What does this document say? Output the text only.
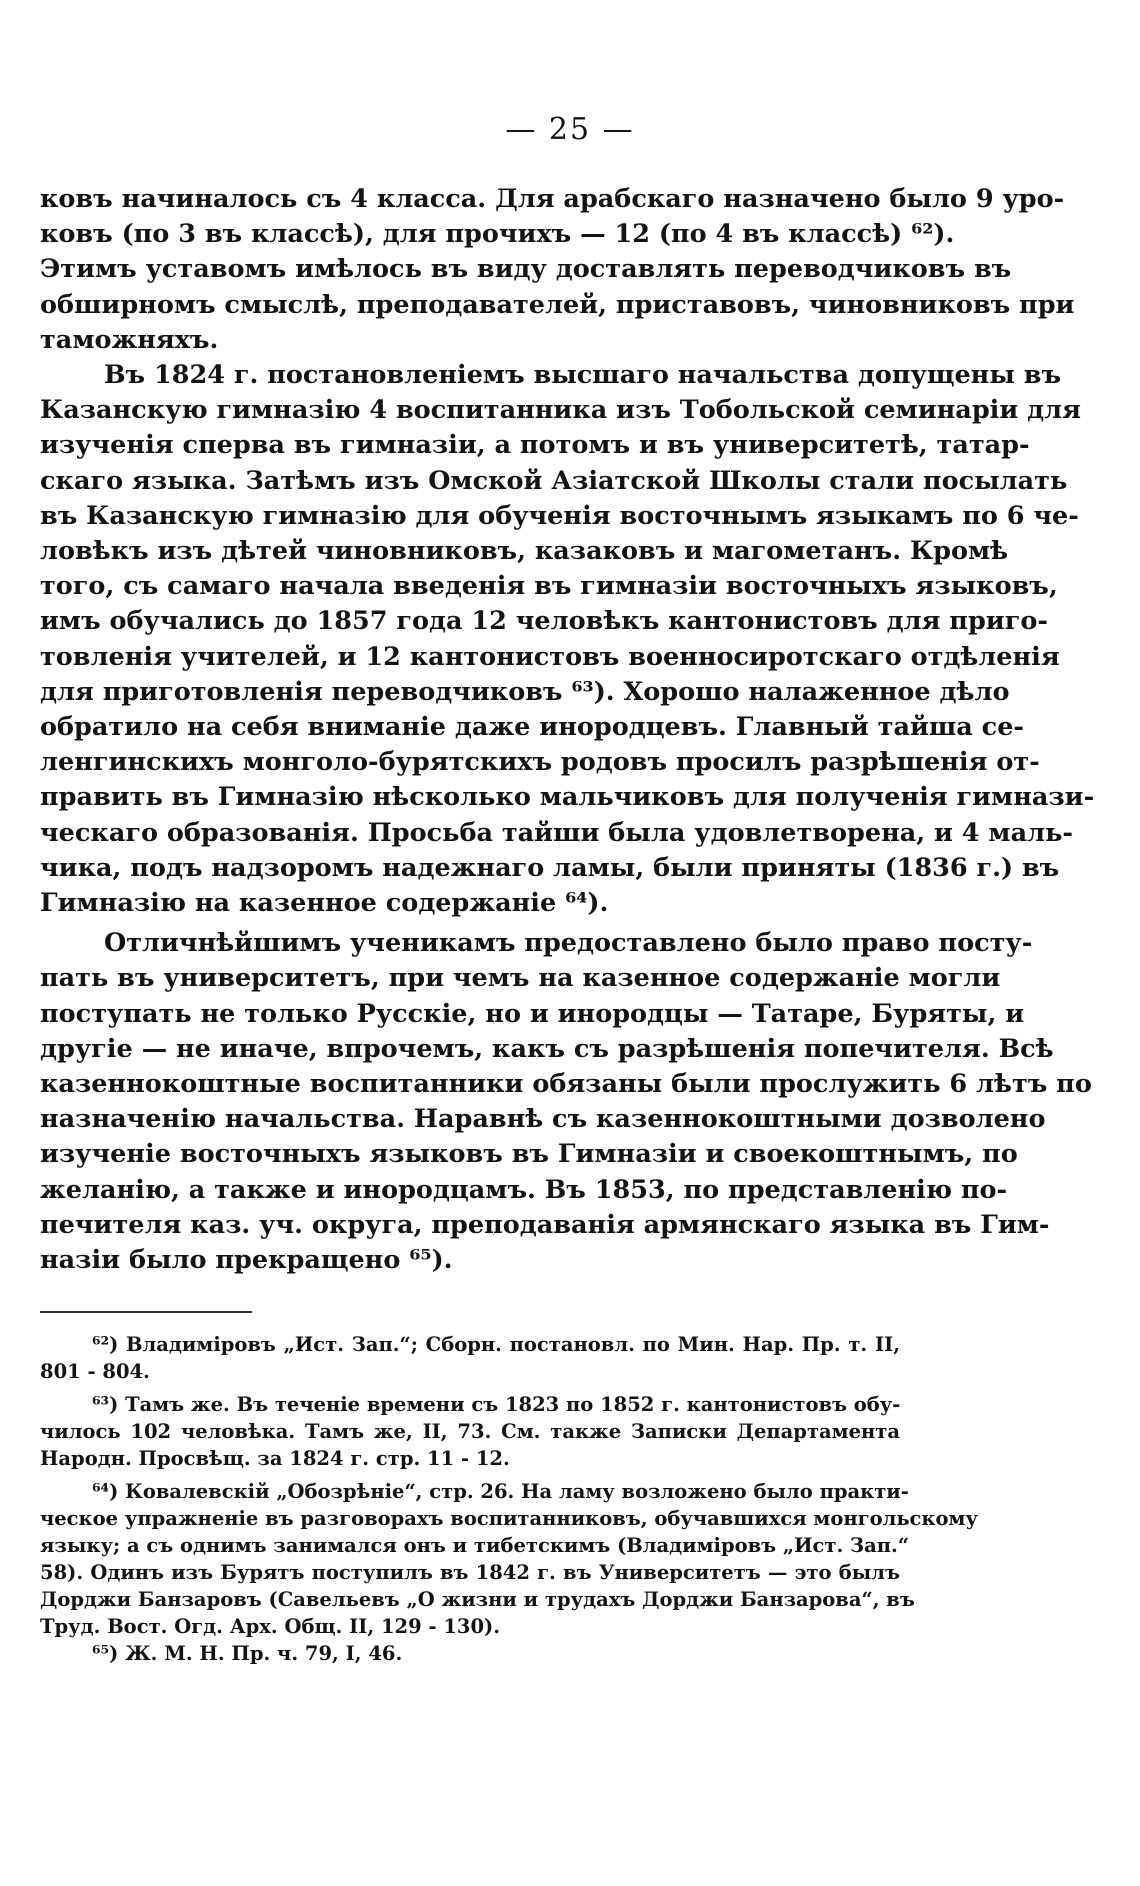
— 25 —
ковъ начиналось съ 4 класса. Для арабскаго назначено было 9 уро-
ковъ (по 3 въ классѣ), для прочихъ — 12 (по 4 въ классѣ) ⁶²).
Этимъ уставомъ имѣлось въ виду доставлять переводчиковъ въ
обширномъ смыслѣ, преподавателей, приставовъ, чиновниковъ при
таможняхъ.
Въ 1824 г. постановленіемъ высшаго начальства допущены въ
Казанскую гимназію 4 воспитанника изъ Тобольской семинаріи для
изученія сперва въ гимназіи, а потомъ и въ университетѣ, татар-
скаго языка. Затѣмъ изъ Омской Азіатской Школы стали посылать
въ Казанскую гимназію для обученія восточнымъ языкамъ по 6 че-
ловѣкъ изъ дѣтей чиновниковъ, казаковъ и магометанъ. Кромѣ
того, съ самаго начала введенія въ гимназіи восточныхъ языковъ,
имъ обучались до 1857 года 12 человѣкъ кантонистовъ для приго-
товленія учителей, и 12 кантонистовъ военносиротскаго отдѣленія
для приготовленія переводчиковъ ⁶³). Хорошо налаженное дѣло
обратило на себя вниманіе даже инородцевъ. Главный тайша се-
ленгинскихъ монголо-бурятскихъ родовъ просилъ разрѣшенія от-
править въ Гимназію нѣсколько мальчиковъ для полученія гимнази-
ческаго образованія. Просьба тайши была удовлетворена, и 4 маль-
чика, подъ надзоромъ надежнаго ламы, были приняты (1836 г.) въ
Гимназію на казенное содержаніе ⁶⁴).
Отличнѣйшимъ ученикамъ предоставлено было право посту-
пать въ университетъ, при чемъ на казенное содержаніе могли
поступать не только Русскіе, но и инородцы — Татаре, Буряты, и
другіе — не иначе, впрочемъ, какъ съ разрѣшенія попечителя. Всѣ
казеннокоштные воспитанники обязаны были прослужить 6 лѣтъ по
назначенію начальства. Наравнѣ съ казеннокоштными дозволено
изученіе восточныхъ языковъ въ Гимназіи и своекоштнымъ, по
желанію, а также и инородцамъ. Въ 1853, по представленію по-
печителя каз. уч. округа, преподаванія армянскаго языка въ Гим-
назіи было прекращено ⁶⁵).
⁶²) Владимiровъ „Ист. Зап.“; Сборн. постановл. по Мин. Нар. Пр. т. II,
801 - 804.
⁶³) Тамъ же. Въ теченіе времени съ 1823 по 1852 г. кантонистовъ обу-
чилось 102 человѣка. Тамъ же, II, 73. См. также Записки Департамента
Народн. Просвѣщ. за 1824 г. стр. 11 - 12.
⁶⁴) Ковалевскій „Обозрѣніе“, стр. 26. На ламу возложено было практи-
ческое упражненіе въ разговорахъ воспитанниковъ, обучавшихся монгольскому
языку; а съ однимъ занимался онъ и тибетскимъ (Владимiровъ „Ист. Зап.“
58). Одинъ изъ Бурятъ поступилъ въ 1842 г. въ Университетъ — это былъ
Дорджи Банзаровъ (Савельевъ „О жизни и трудахъ Дорджи Банзарова“, въ
Труд. Вост. Огд. Арх. Общ. II, 129 - 130).
⁶⁵) Ж. М. Н. Пр. ч. 79, I, 46.
